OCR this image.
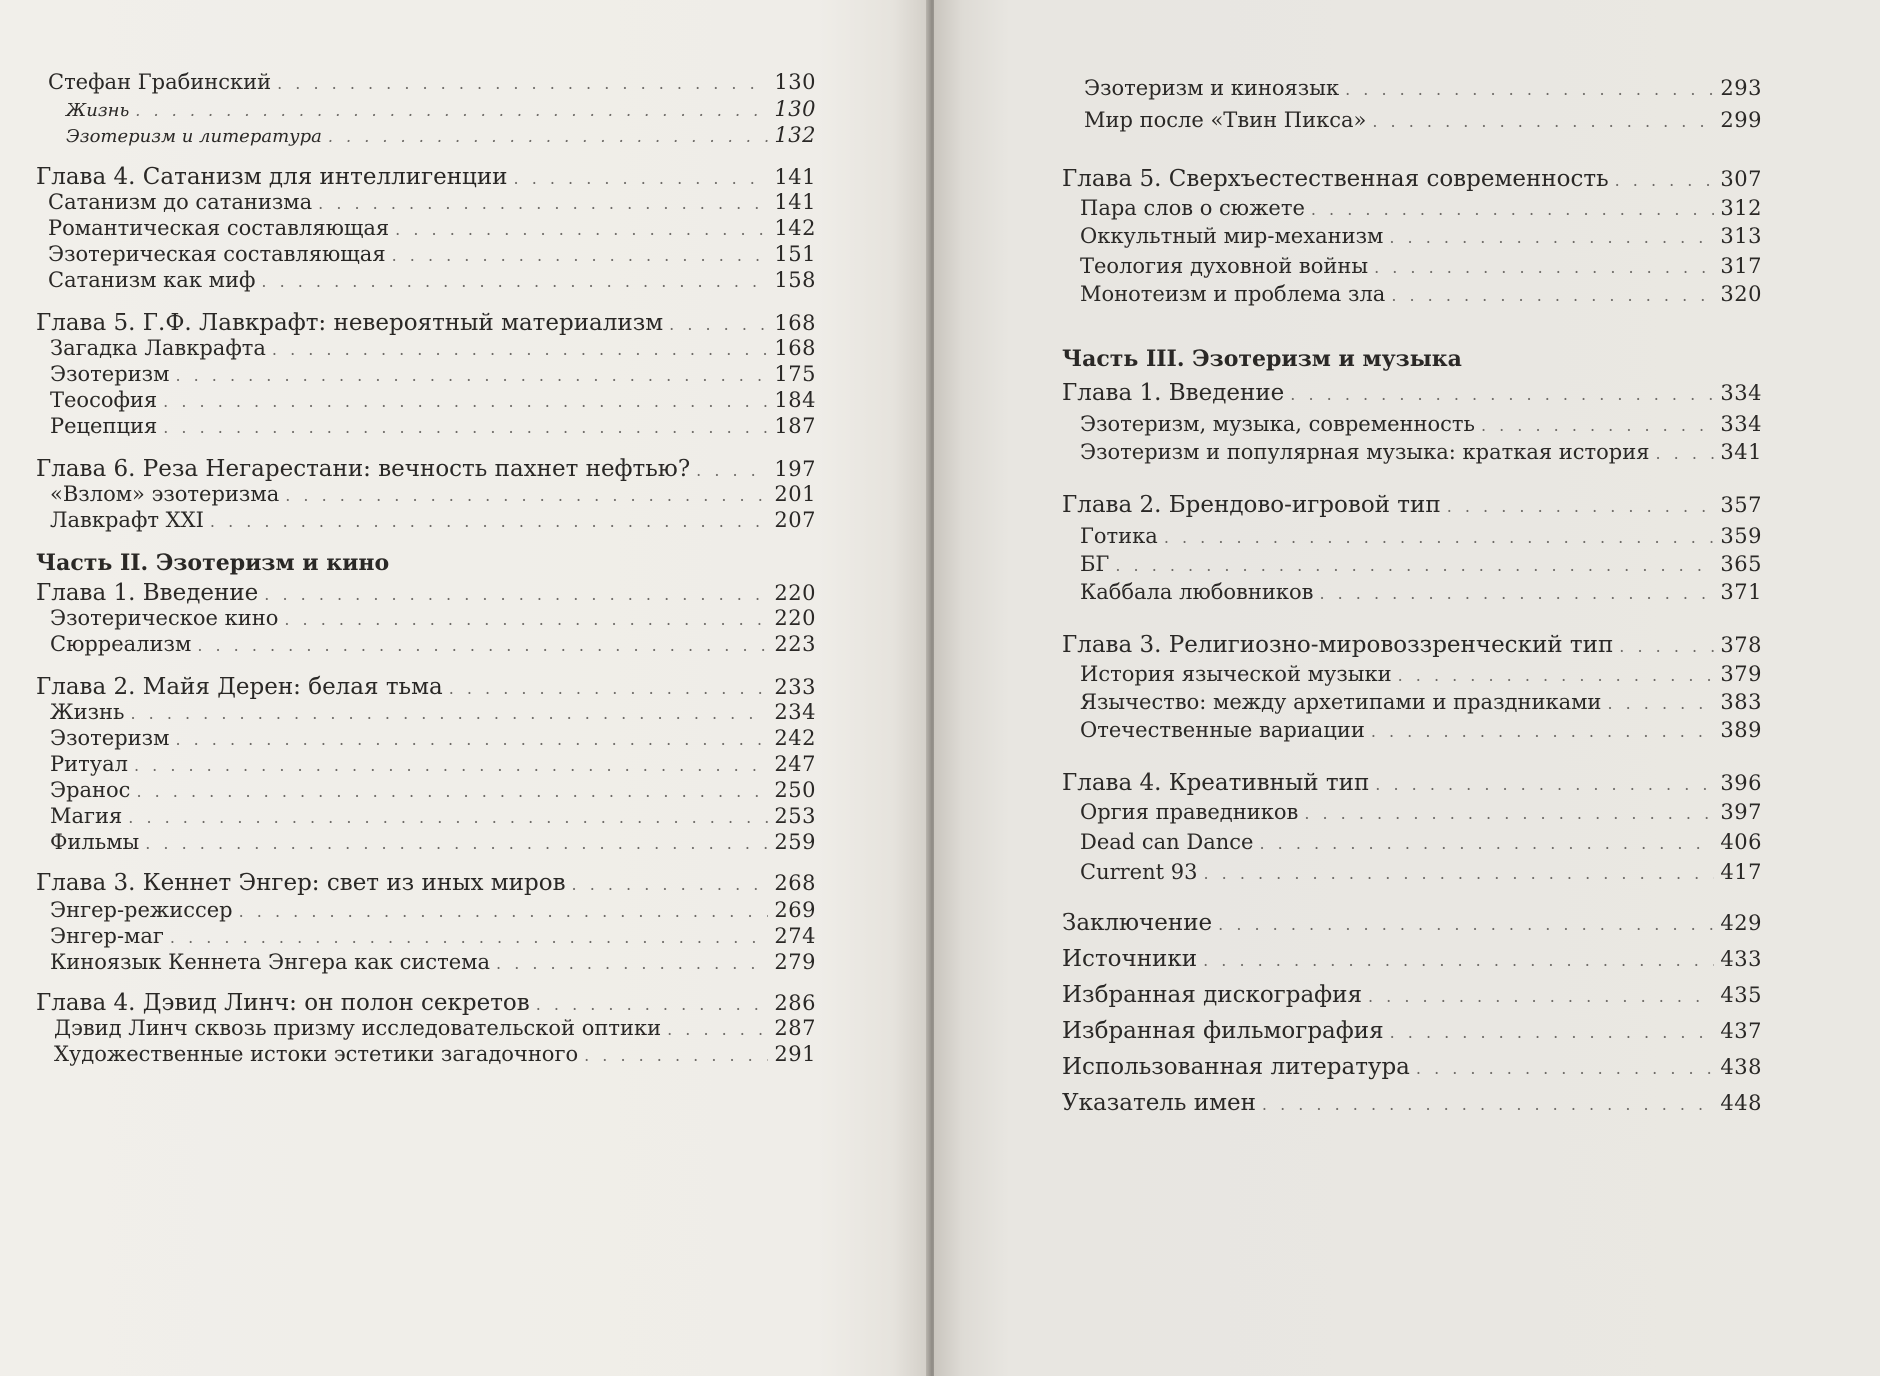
Стефан Грабинский . . .	130
Жизнь . . .	130
Эзотеризм и литература . . .	132
Глава 4. Сатанизм для интеллигенции . . .	141
Сатанизм до сатанизма . . .	141
Романтическая составляющая . . .	142
Эзотерическая составляющая . . .	151
Сатанизм как миф . . .	158
Глава 5. Г.Ф. Лавкрафт: невероятный материализм . . .	168
Загадка Лавкрафта . . .	168
Эзотеризм . . .	175
Теософия . . .	184
Рецепция . . .	187
Глава 6. Реза Негарестани: вечность пахнет нефтью? . . .	197
«Взлом» эзотеризма . . .	201
Лавкрафт XXI . . .	207
Часть II. Эзотеризм и кино
Глава 1. Введение . . .	220
Эзотерическое кино . . .	220
Сюрреализм . . .	223
Глава 2. Майя Дерен: белая тьма . . .	233
Жизнь . . .	234
Эзотеризм . . .	242
Ритуал . . .	247
Эранос . . .	250
Магия . . .	253
Фильмы . . .	259
Глава 3. Кеннет Энгер: свет из иных миров . . .	268
Энгер-режиссер . . .	269
Энгер-маг . . .	274
Киноязык Кеннета Энгера как система . . .	279
Глава 4. Дэвид Линч: он полон секретов . . .	286
Дэвид Линч сквозь призму исследовательской оптики . . .	287
Художественные истоки эстетики загадочного . . .	291
Эзотеризм и киноязык . . .	293
Мир после «Твин Пикса» . . .	299
Глава 5. Сверхъестественная современность . . .	307
Пара слов о сюжете . . .	312
Оккультный мир-механизм . . .	313
Теология духовной войны . . .	317
Монотеизм и проблема зла . . .	320
Часть III. Эзотеризм и музыка
Глава 1. Введение . . .	334
Эзотеризм, музыка, современность . . .	334
Эзотеризм и популярная музыка: краткая история . . .	341
Глава 2. Брендово-игровой тип . . .	357
Готика . . .	359
БГ . . .	365
Каббала любовников . . .	371
Глава 3. Религиозно-мировоззренческий тип . . .	378
История языческой музыки . . .	379
Язычество: между архетипами и праздниками . . .	383
Отечественные вариации . . .	389
Глава 4. Креативный тип . . .	396
Оргия праведников . . .	397
Dead can Dance . . .	406
Current 93 . . .	417
Заключение . . .	429
Источники . . .	433
Избранная дискография . . .	435
Избранная фильмография . . .	437
Использованная литература . . .	438
Указатель имен . . .	448
